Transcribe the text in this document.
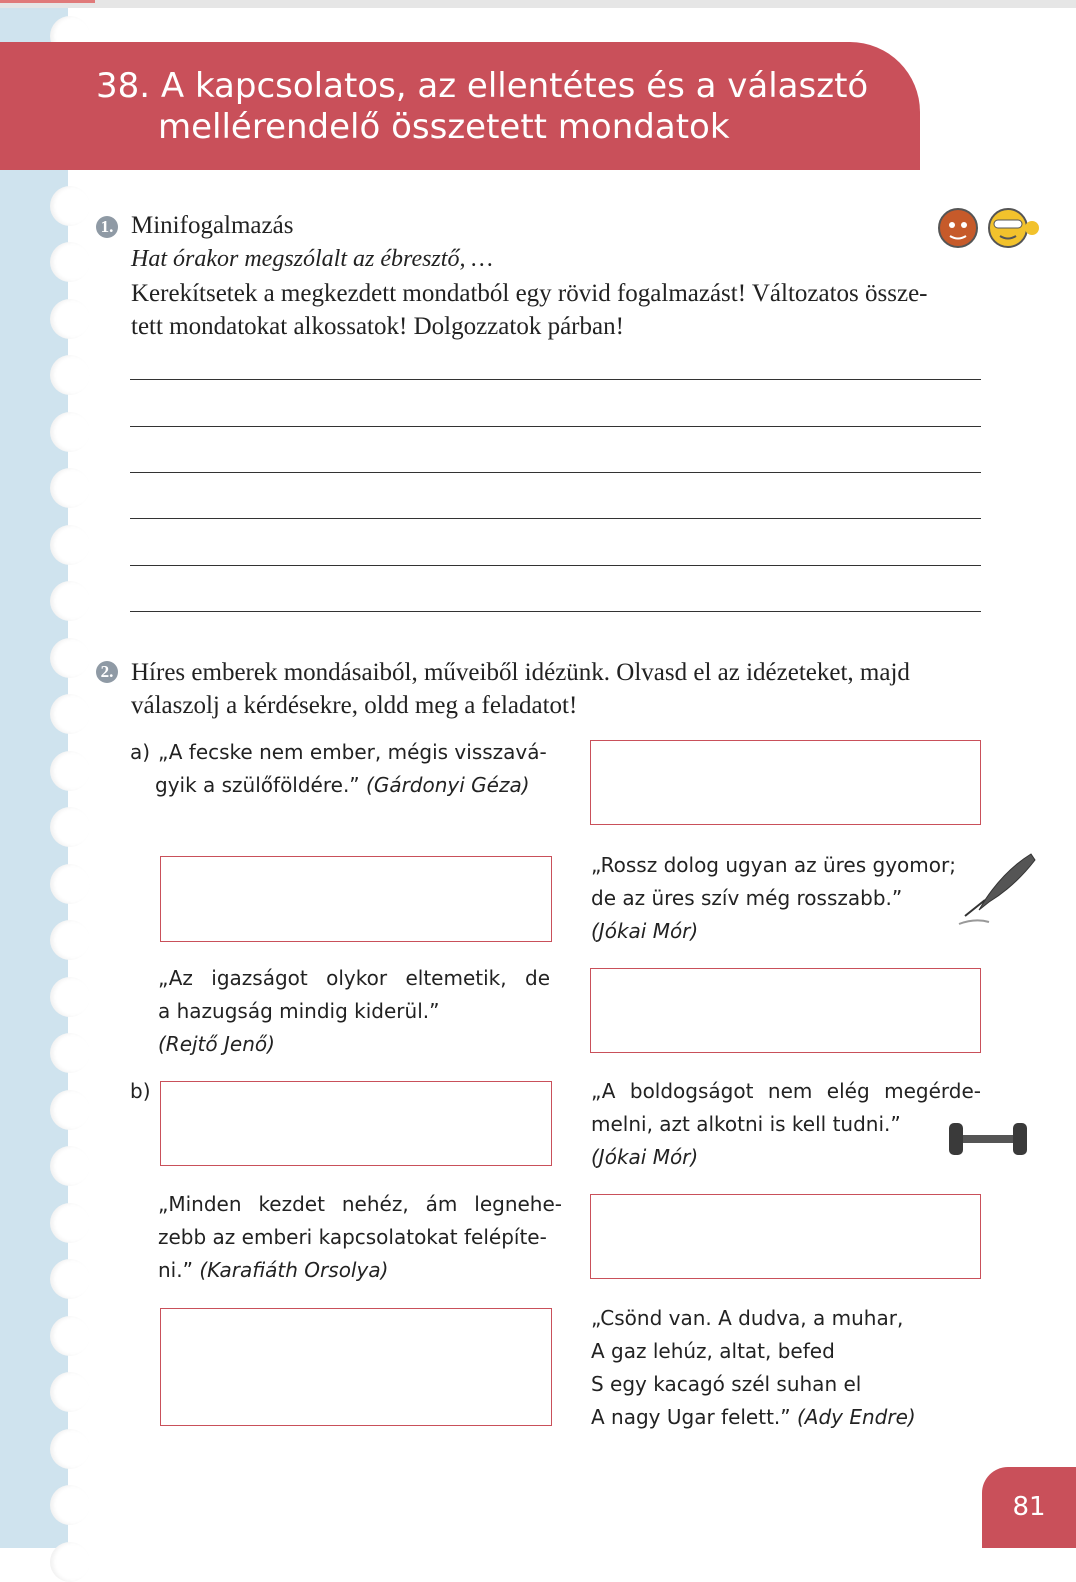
38. A kapcsolatos, az ellentétes és a választó
mellérendelő összetett mondatok
1. Minifogalmazás
Hat órakor megszólalt az ébresztő, …
Kerekítsetek a megkezdett mondatból egy rövid fogalmazást! Változatos össze-
tett mondatokat alkossatok! Dolgozzatok párban!
2. Híres emberek mondásaiból, műveiből idézünk. Olvasd el az idézeteket, majd
válaszolj a kérdésekre, oldd meg a feladatot!
a) „A fecske nem ember, mégis visszavá-
gyik a szülőföldére.” (Gárdonyi Géza)
„Rossz dolog ugyan az üres gyomor;
de az üres szív még rosszabb.”
(Jókai Mór)
„Az igazságot olykor eltemetik, de
a hazugság mindig kiderül.”
(Rejtő Jenő)
b)	„A boldogságot nem elég megérde-
melni, azt alkotni is kell tudni.”
(Jókai Mór)
„Minden kezdet nehéz, ám legnehe-
zebb az emberi kapcsolatokat felépíte-
ni.” (Karafiáth Orsolya)
„Csönd van. A dudva, a muhar,
A gaz lehúz, altat, befed
S egy kacagó szél suhan el
A nagy Ugar felett.” (Ady Endre)
81
